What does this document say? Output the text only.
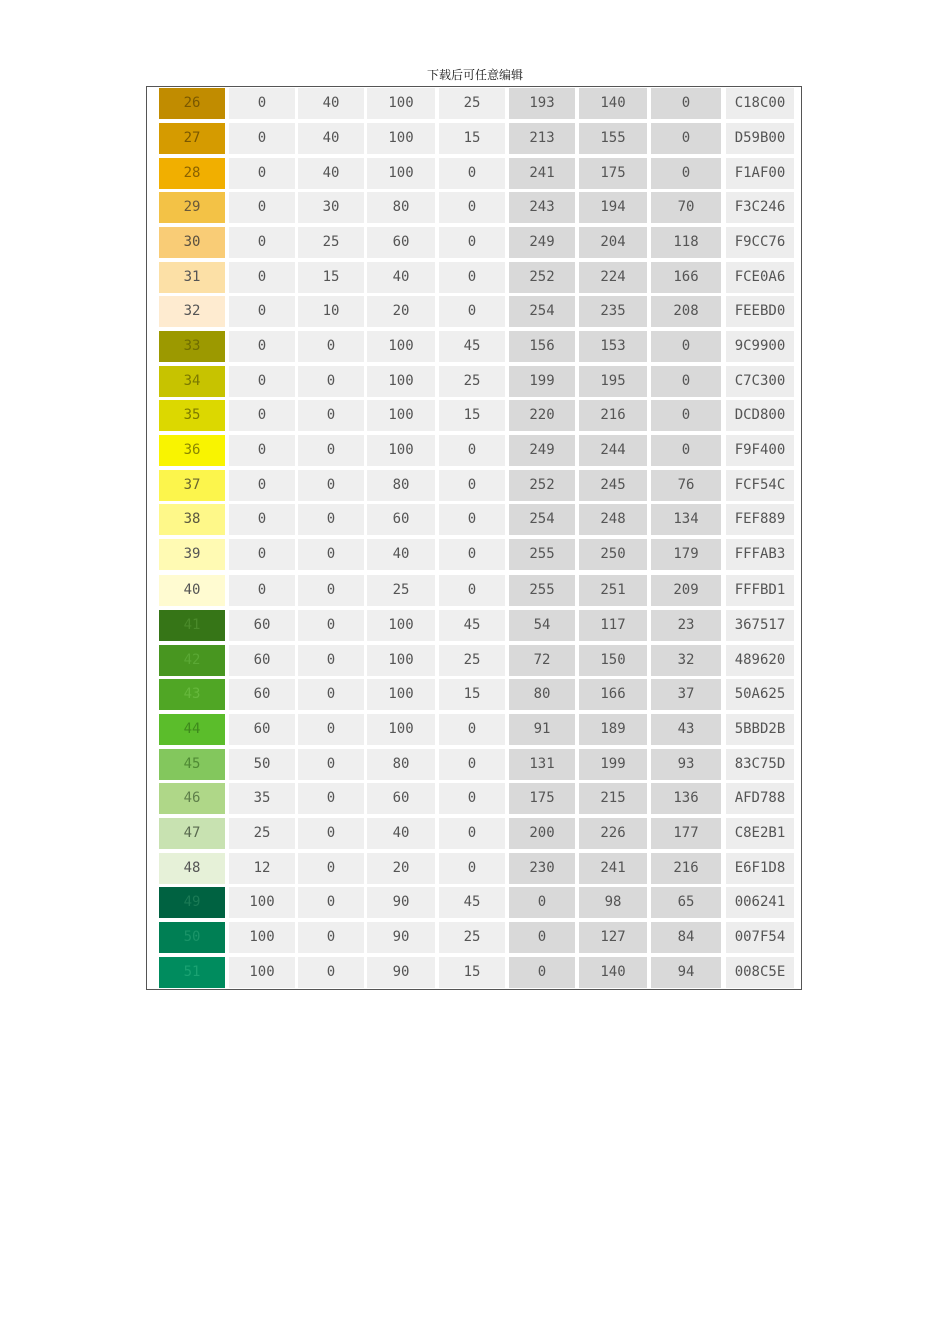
下载后可任意编辑
26	0	40	100	25	193	140	0	C18C00
27	0	40	100	15	213	155	0	D59B00
28	0	40	100	0	241	175	0	F1AF00
29	0	30	80	0	243	194	70	F3C246
30	0	25	60	0	249	204	118	F9CC76
31	0	15	40	0	252	224	166	FCE0A6
32	0	10	20	0	254	235	208	FEEBD0
33	0	0	100	45	156	153	0	9C9900
34	0	0	100	25	199	195	0	C7C300
35	0	0	100	15	220	216	0	DCD800
36	0	0	100	0	249	244	0	F9F400
37	0	0	80	0	252	245	76	FCF54C
38	0	0	60	0	254	248	134	FEF889
39	0	0	40	0	255	250	179	FFFAB3
40	0	0	25	0	255	251	209	FFFBD1
41	60	0	100	45	54	117	23	367517
42	60	0	100	25	72	150	32	489620
43	60	0	100	15	80	166	37	50A625
44	60	0	100	0	91	189	43	5BBD2B
45	50	0	80	0	131	199	93	83C75D
46	35	0	60	0	175	215	136	AFD788
47	25	0	40	0	200	226	177	C8E2B1
48	12	0	20	0	230	241	216	E6F1D8
49	100	0	90	45	0	98	65	006241
50	100	0	90	25	0	127	84	007F54
51	100	0	90	15	0	140	94	008C5E
